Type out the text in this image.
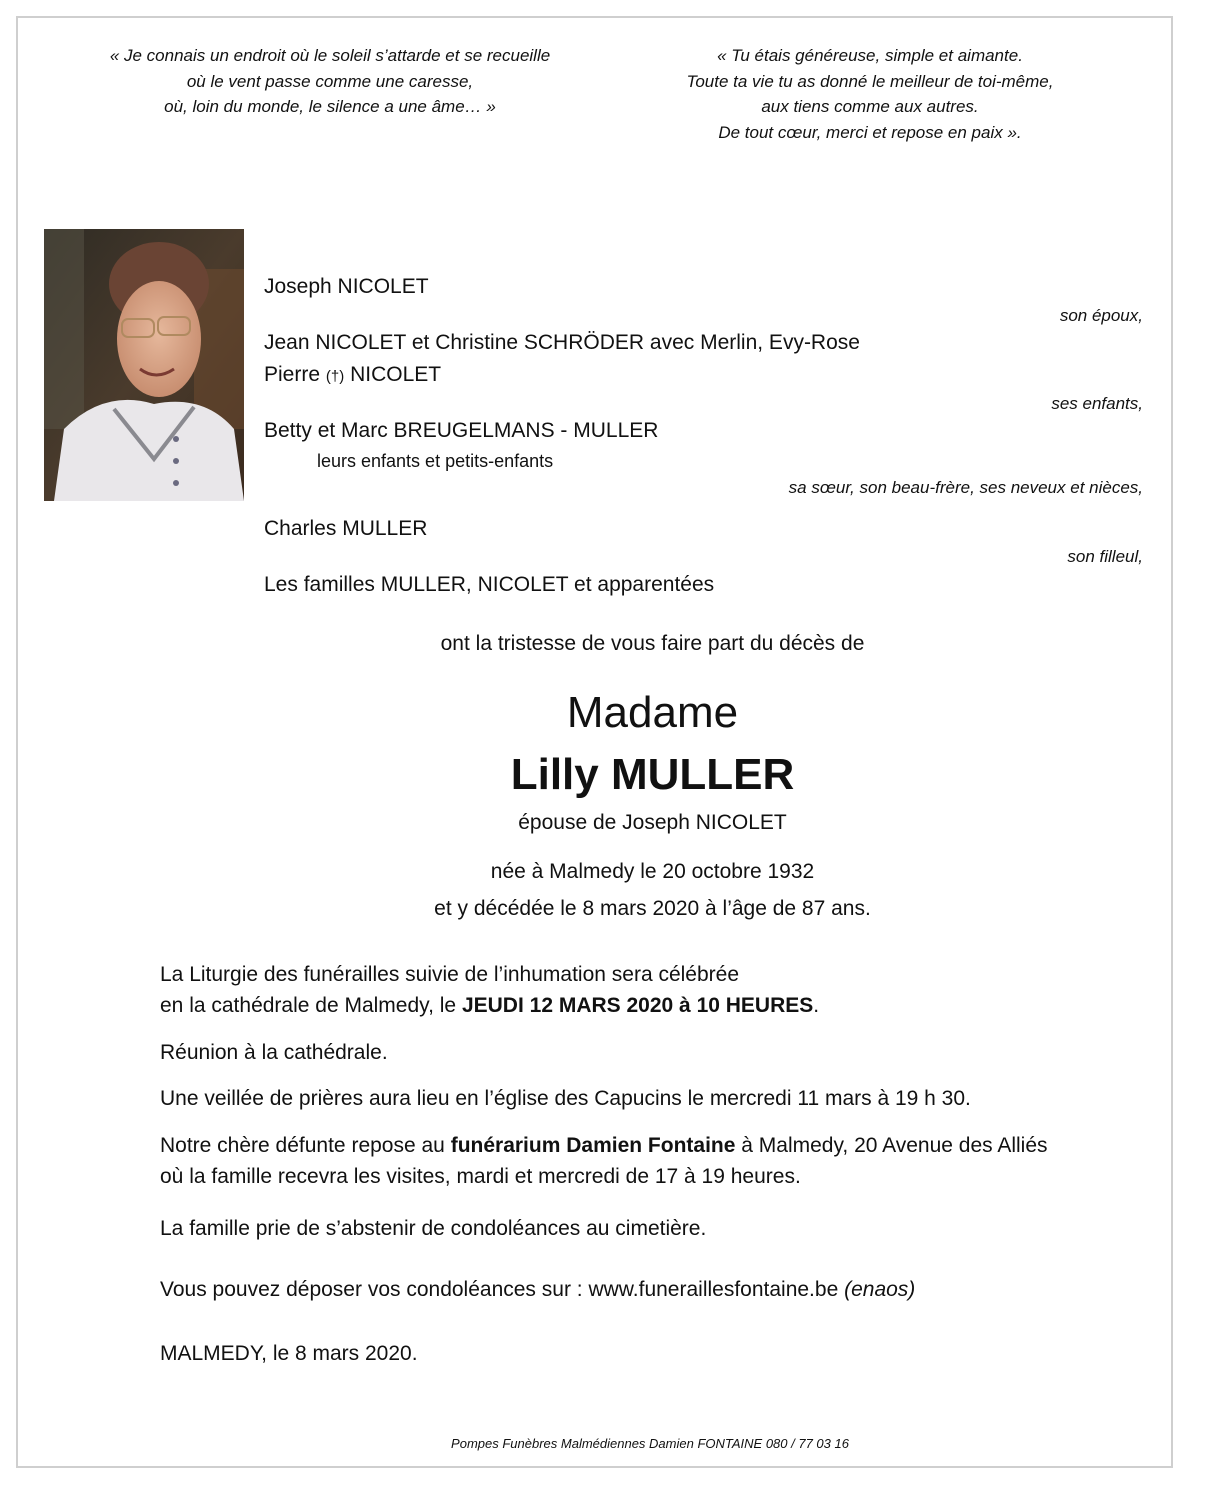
« Je connais un endroit où le soleil s’attarde et se recueille
où le vent passe comme une caresse,
où, loin du monde, le silence a une âme… »
« Tu étais généreuse, simple et aimante.
Toute ta vie tu as donné le meilleur de toi-même,
aux tiens comme aux autres.
De tout cœur, merci et repose en paix ».
Joseph NICOLET
son époux,
Jean NICOLET et Christine SCHRÖDER avec Merlin, Evy-Rose
Pierre (†) NICOLET
ses enfants,
Betty et Marc BREUGELMANS - MULLER
leurs enfants et petits-enfants
sa sœur, son beau-frère, ses neveux et nièces,
Charles MULLER
son filleul,
Les familles MULLER, NICOLET et apparentées
ont la tristesse de vous faire part du décès de
Madame
Lilly MULLER
épouse de Joseph NICOLET
née à Malmedy le 20 octobre 1932
et y décédée le 8 mars 2020 à l’âge de 87 ans.
La Liturgie des funérailles suivie de l’inhumation sera célébrée
en la cathédrale de Malmedy, le JEUDI 12 MARS 2020 à 10 HEURES.
Réunion à la cathédrale.
Une veillée de prières aura lieu en l’église des Capucins le mercredi 11 mars à 19 h 30.
Notre chère défunte repose au funérarium Damien Fontaine à Malmedy, 20 Avenue des Alliés
où la famille recevra les visites, mardi et mercredi de 17 à 19 heures.
La famille prie de s’abstenir de condoléances au cimetière.
Vous pouvez déposer vos condoléances sur : www.funeraillesfontaine.be (enaos)
MALMEDY, le 8 mars 2020.
Pompes Funèbres Malmédiennes Damien FONTAINE 080 / 77 03 16
